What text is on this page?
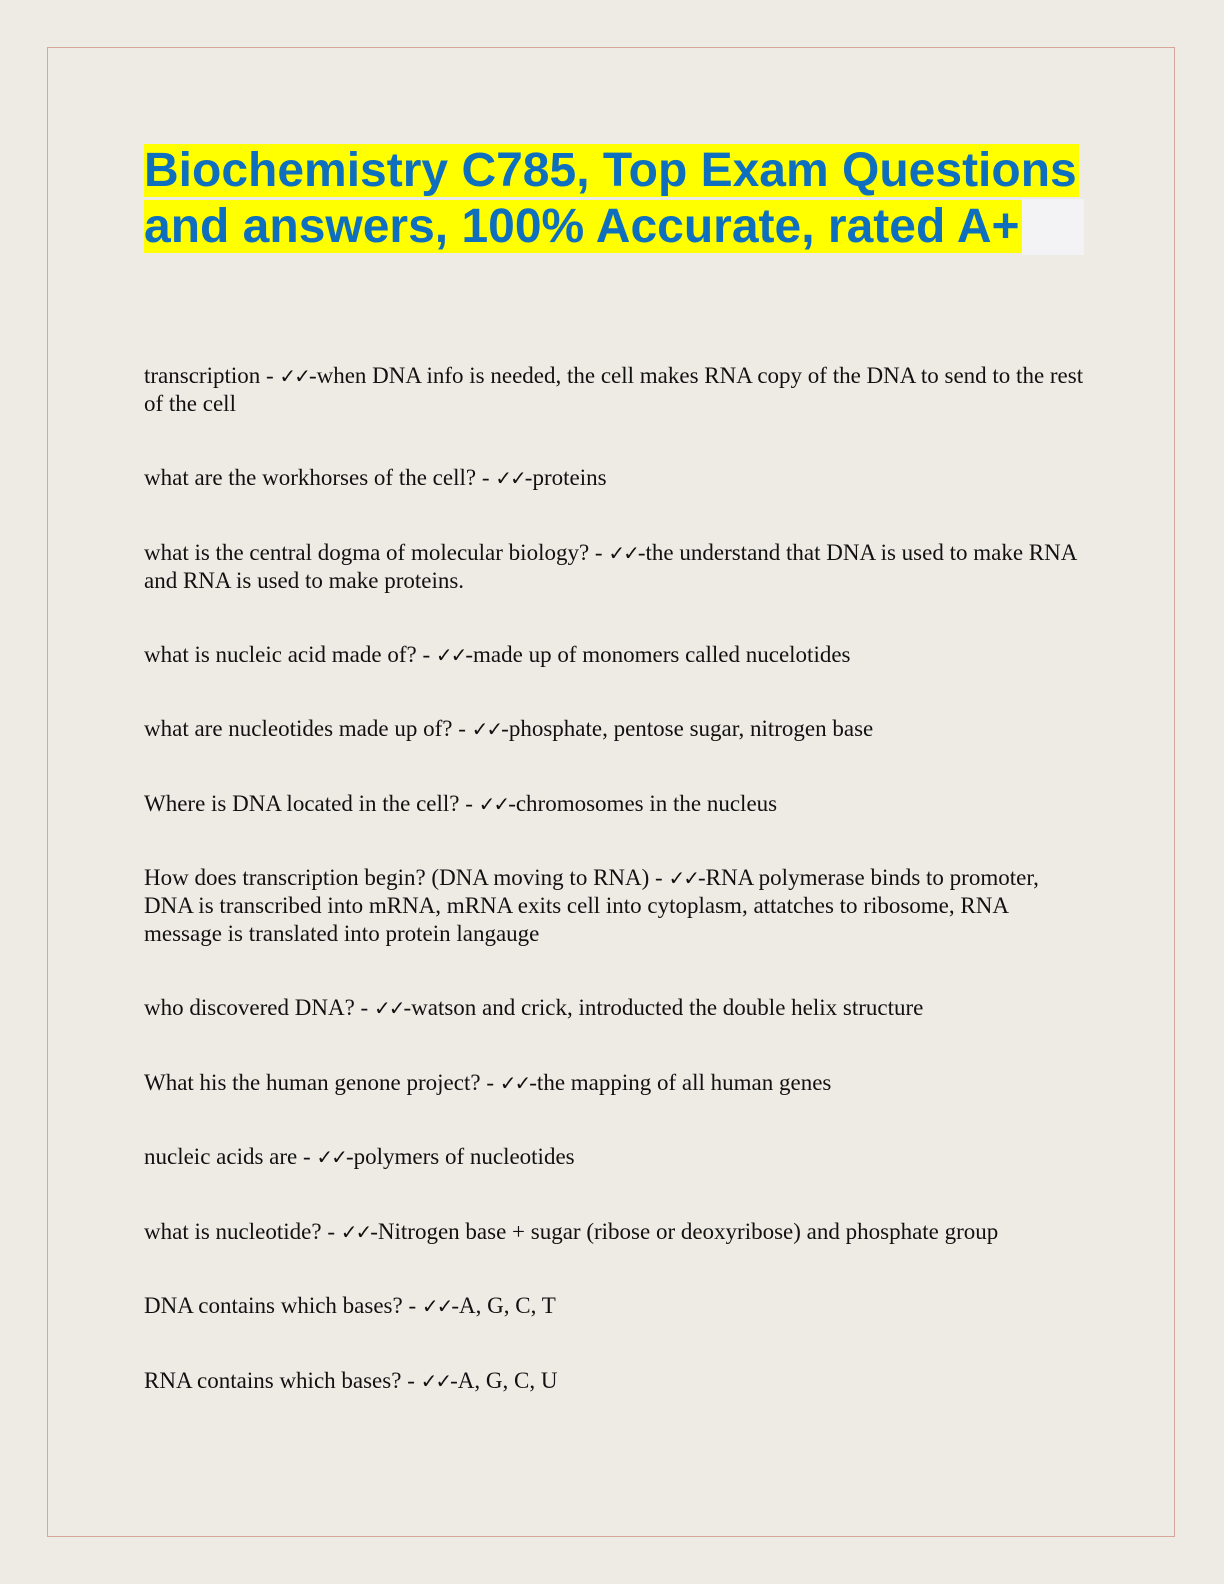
Biochemistry C785, Top Exam Questions
and answers, 100% Accurate, rated A+
transcription - ✓✓-when DNA info is needed, the cell makes RNA copy of the DNA to send to the rest of the cell
what are the workhorses of the cell? - ✓✓-proteins
what is the central dogma of molecular biology? - ✓✓-the understand that DNA is used to make RNA and RNA is used to make proteins.
what is nucleic acid made of? - ✓✓-made up of monomers called nucelotides
what are nucleotides made up of? - ✓✓-phosphate, pentose sugar, nitrogen base
Where is DNA located in the cell? - ✓✓-chromosomes in the nucleus
How does transcription begin? (DNA moving to RNA) - ✓✓-RNA polymerase binds to promoter, DNA is transcribed into mRNA, mRNA exits cell into cytoplasm, attatches to ribosome, RNA message is translated into protein langauge
who discovered DNA? - ✓✓-watson and crick, introducted the double helix structure
What his the human genone project? - ✓✓-the mapping of all human genes
nucleic acids are - ✓✓-polymers of nucleotides
what is nucleotide? - ✓✓-Nitrogen base + sugar (ribose or deoxyribose) and phosphate group
DNA contains which bases? - ✓✓-A, G, C, T
RNA contains which bases? - ✓✓-A, G, C, U
